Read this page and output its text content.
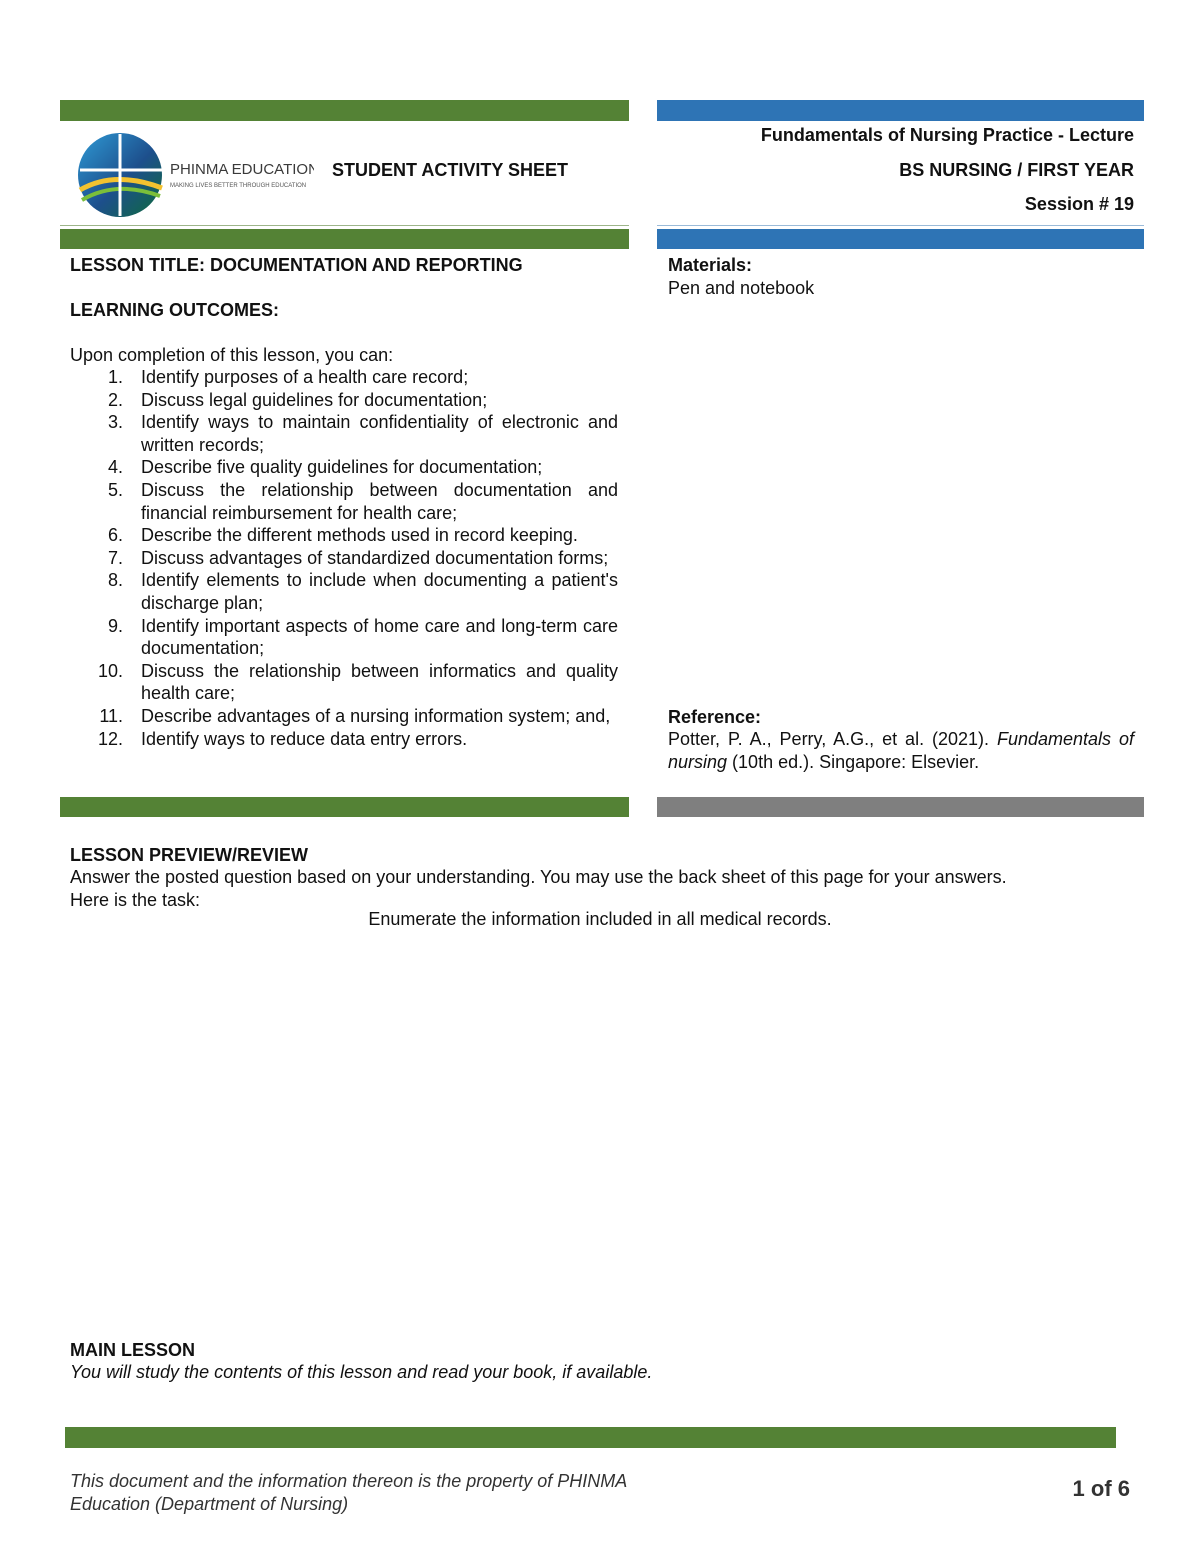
PHINMA EDUCATION
MAKING LIVES BETTER THROUGH EDUCATION
STUDENT ACTIVITY SHEET
Fundamentals of Nursing Practice - Lecture
BS NURSING / FIRST YEAR
Session # 19
LESSON TITLE: DOCUMENTATION AND REPORTING
LEARNING OUTCOMES:
Upon completion of this lesson, you can:
1. Identify purposes of a health care record;
2. Discuss legal guidelines for documentation;
3. Identify ways to maintain confidentiality of electronic and written records;
4. Describe five quality guidelines for documentation;
5. Discuss the relationship between documentation and financial reimbursement for health care;
6. Describe the different methods used in record keeping.
7. Discuss advantages of standardized documentation forms;
8. Identify elements to include when documenting a patient's discharge plan;
9. Identify important aspects of home care and long-term care documentation;
10. Discuss the relationship between informatics and quality health care;
11. Describe advantages of a nursing information system; and,
12. Identify ways to reduce data entry errors.
Materials:
Pen and notebook
Reference:
Potter, P. A., Perry, A.G., et al. (2021). Fundamentals of nursing (10th ed.). Singapore: Elsevier.
LESSON PREVIEW/REVIEW
Answer the posted question based on your understanding. You may use the back sheet of this page for your answers.
Here is the task:
Enumerate the information included in all medical records.
MAIN LESSON
You will study the contents of this lesson and read your book, if available.
This document and the information thereon is the property of PHINMA
Education (Department of Nursing)
1 of 6
